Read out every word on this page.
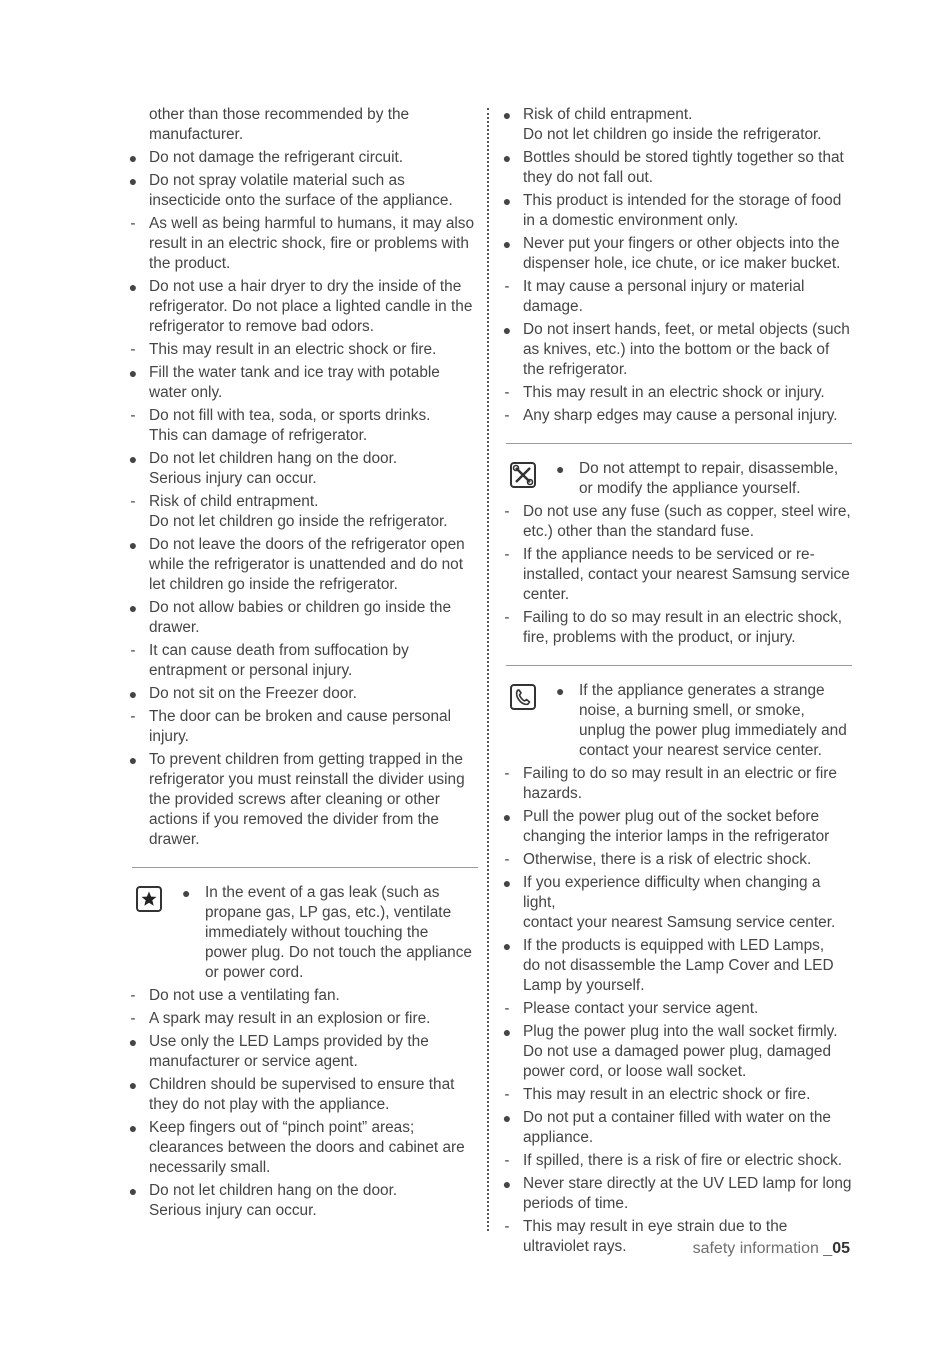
other than those recommended by the
manufacturer.
● Do not damage the refrigerant circuit.
● Do not spray volatile material such as
insecticide onto the surface of the appliance.
- As well as being harmful to humans, it may also
result in an electric shock, fire or problems with
the product.
● Do not use a hair dryer to dry the inside of the
refrigerator. Do not place a lighted candle in the
refrigerator to remove bad odors.
- This may result in an electric shock or fire.
● Fill the water tank and ice tray with potable
water only.
- Do not fill with tea, soda, or sports drinks.
This can damage of refrigerator.
● Do not let children hang on the door.
Serious injury can occur.
- Risk of child entrapment.
Do not let children go inside the refrigerator.
● Do not leave the doors of the refrigerator open
while the refrigerator is unattended and do not
let children go inside the refrigerator.
● Do not allow babies or children go inside the
drawer.
- It can cause death from suffocation by
entrapment or personal injury.
● Do not sit on the Freezer door.
- The door can be broken and cause personal
injury.
● To prevent children from getting trapped in the
refrigerator you must reinstall the divider using
the provided screws after cleaning or other
actions if you removed the divider from the
drawer.
● In the event of a gas leak (such as
propane gas, LP gas, etc.), ventilate
immediately without touching the
power plug. Do not touch the appliance
or power cord.
- Do not use a ventilating fan.
- A spark may result in an explosion or fire.
● Use only the LED Lamps provided by the
manufacturer or service agent.
● Children should be supervised to ensure that
they do not play with the appliance.
● Keep fingers out of “pinch point” areas;
clearances between the doors and cabinet are
necessarily small.
● Do not let children hang on the door.
Serious injury can occur.
● Risk of child entrapment.
Do not let children go inside the refrigerator.
● Bottles should be stored tightly together so that
they do not fall out.
● This product is intended for the storage of food
in a domestic environment only.
● Never put your fingers or other objects into the
dispenser hole, ice chute, or ice maker bucket.
- It may cause a personal injury or material
damage.
● Do not insert hands, feet, or metal objects (such
as knives, etc.) into the bottom or the back of
the refrigerator.
- This may result in an electric shock or injury.
- Any sharp edges may cause a personal injury.
● Do not attempt to repair, disassemble,
or modify the appliance yourself.
- Do not use any fuse (such as copper, steel wire,
etc.) other than the standard fuse.
- If the appliance needs to be serviced or re-
installed, contact your nearest Samsung service
center.
- Failing to do so may result in an electric shock,
fire, problems with the product, or injury.
● If the appliance generates a strange
noise, a burning smell, or smoke,
unplug the power plug immediately and
contact your nearest service center.
- Failing to do so may result in an electric or fire
hazards.
● Pull the power plug out of the socket before
changing the interior lamps in the refrigerator
- Otherwise, there is a risk of electric shock.
● If you experience difficulty when changing a light,
contact your nearest Samsung service center.
● If the products is equipped with LED Lamps,
do not disassemble the Lamp Cover and LED
Lamp by yourself.
- Please contact your service agent.
● Plug the power plug into the wall socket firmly.
Do not use a damaged power plug, damaged
power cord, or loose wall socket.
- This may result in an electric shock or fire.
● Do not put a container filled with water on the
appliance.
- If spilled, there is a risk of fire or electric shock.
● Never stare directly at the UV LED lamp for long
periods of time.
- This may result in eye strain due to the
ultraviolet rays.	safety information _05
